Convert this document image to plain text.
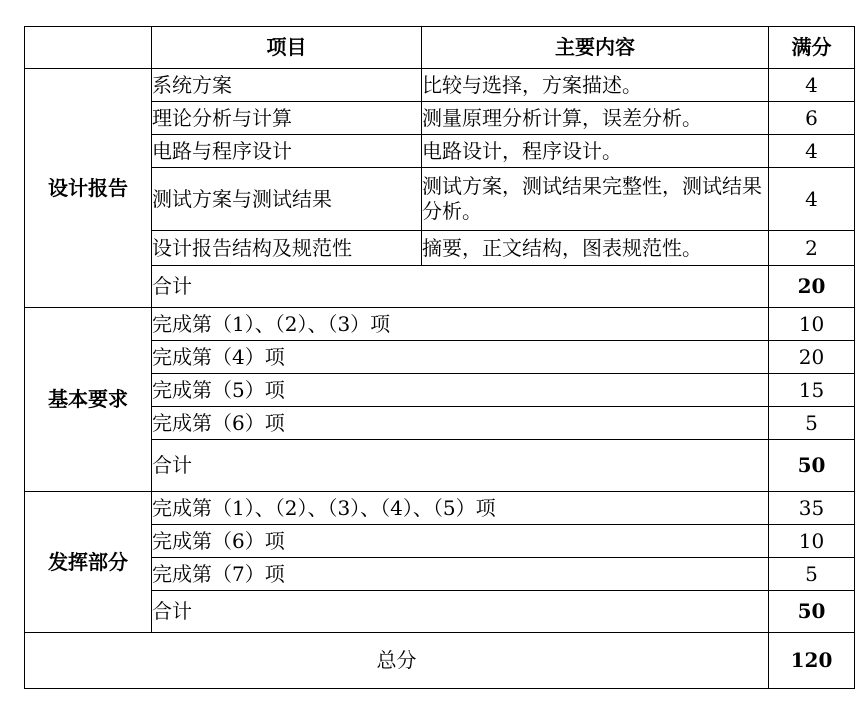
	项目	主要内容	满分
设计报告	系统方案	比较与选择，方案描述。	4
	理论分析与计算	测量原理分析计算，误差分析。	6
	电路与程序设计	电路设计，程序设计。	4
	测试方案与测试结果	测试方案，测试结果完整性，测试结果分析。	4
	设计报告结构及规范性	摘要，正文结构，图表规范性。	2
	合计		20
基本要求	完成第（1）、（2）、（3）项		10
	完成第（4）项		20
	完成第（5）项		15
	完成第（6）项		5
	合计		50
发挥部分	完成第（1）、（2）、（3）、（4）、（5）项		35
	完成第（6）项		10
	完成第（7）项		5
	合计		50
总分			120
